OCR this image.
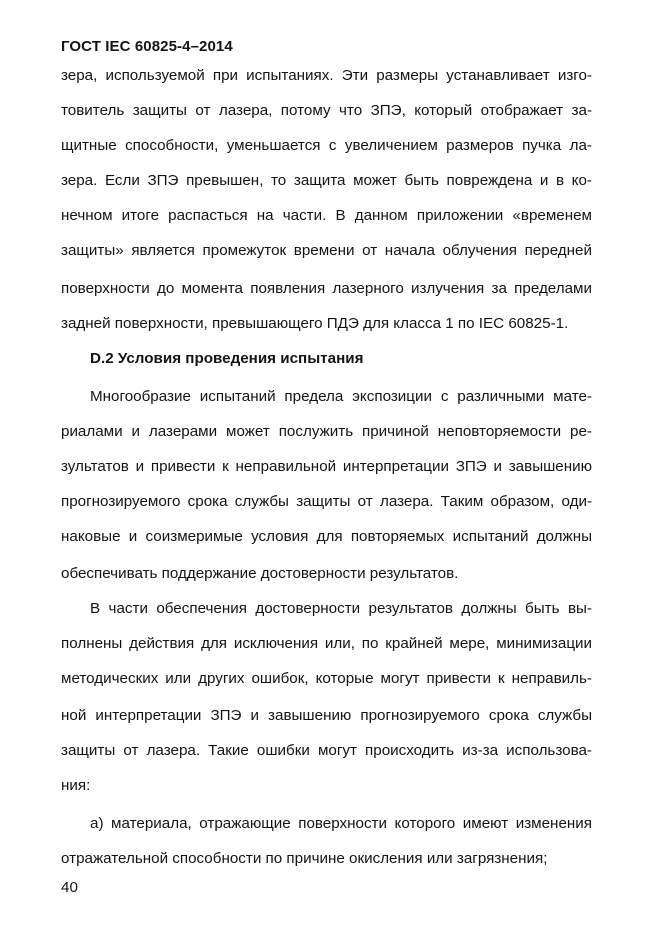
ГОСТ IEC 60825-4–2014
зера, используемой при испытаниях. Эти размеры устанавливает изго-
товитель защиты от лазера, потому что ЗПЭ, который отображает за-
щитные способности, уменьшается с увеличением размеров пучка ла-
зера. Если ЗПЭ превышен, то защита может быть повреждена и в ко-
нечном итоге распасться на части. В данном приложении «временем
защиты» является промежуток времени от начала облучения передней
поверхности до момента появления лазерного излучения за пределами
задней поверхности, превышающего ПДЭ для класса 1 по IEC 60825-1.
D.2 Условия проведения испытания
Многообразие испытаний предела экспозиции с различными мате-
риалами и лазерами может послужить причиной неповторяемости ре-
зультатов и привести к неправильной интерпретации ЗПЭ и завышению
прогнозируемого срока службы защиты от лазера. Таким образом, оди-
наковые и соизмеримые условия для повторяемых испытаний должны
обеспечивать поддержание достоверности результатов.
В части обеспечения достоверности результатов должны быть вы-
полнены действия для исключения или, по крайней мере, минимизации
методических или других ошибок, которые могут привести к неправиль-
ной интерпретации ЗПЭ и завышению прогнозируемого срока службы
защиты от лазера. Такие ошибки могут происходить из-за использова-
ния:
а) материала, отражающие поверхности которого имеют изменения
отражательной способности по причине окисления или загрязнения;
40
